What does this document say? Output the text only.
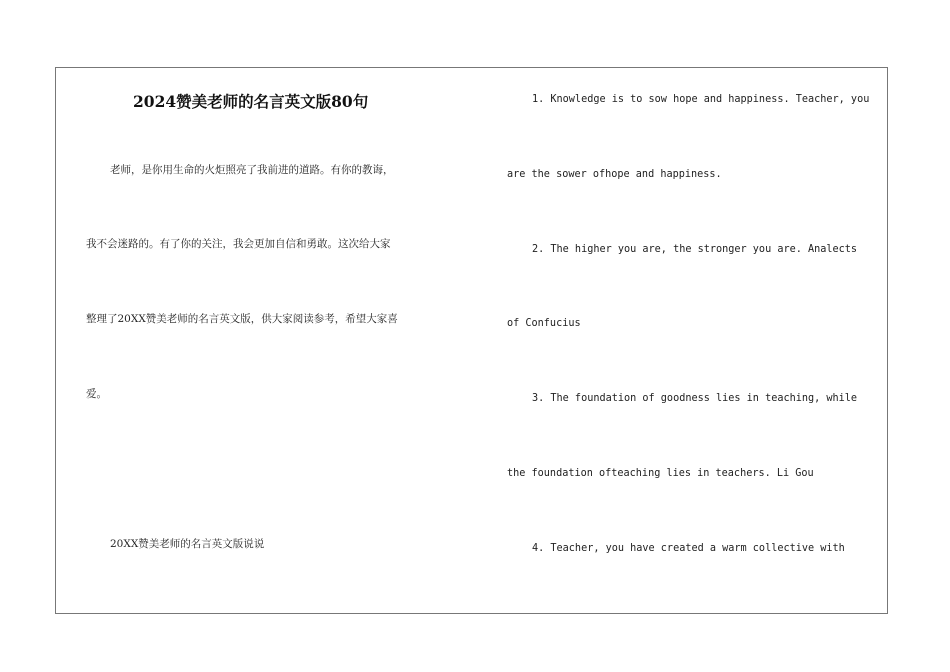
2024赞美老师的名言英文版80句
老师，是你用生命的火炬照亮了我前进的道路。有你的教诲，
我不会迷路的。有了你的关注，我会更加自信和勇敢。这次给大家
整理了20XX赞美老师的名言英文版，供大家阅读参考，希望大家喜
爱。
20XX赞美老师的名言英文版说说
1. Knowledge is to sow hope and happiness. Teacher, you
are the sower ofhope and happiness.
2. The higher you are, the stronger you are. Analects
of Confucius
3. The foundation of goodness lies in teaching, while
the foundation ofteaching lies in teachers. Li Gou
4. Teacher, you have created a warm collective with
